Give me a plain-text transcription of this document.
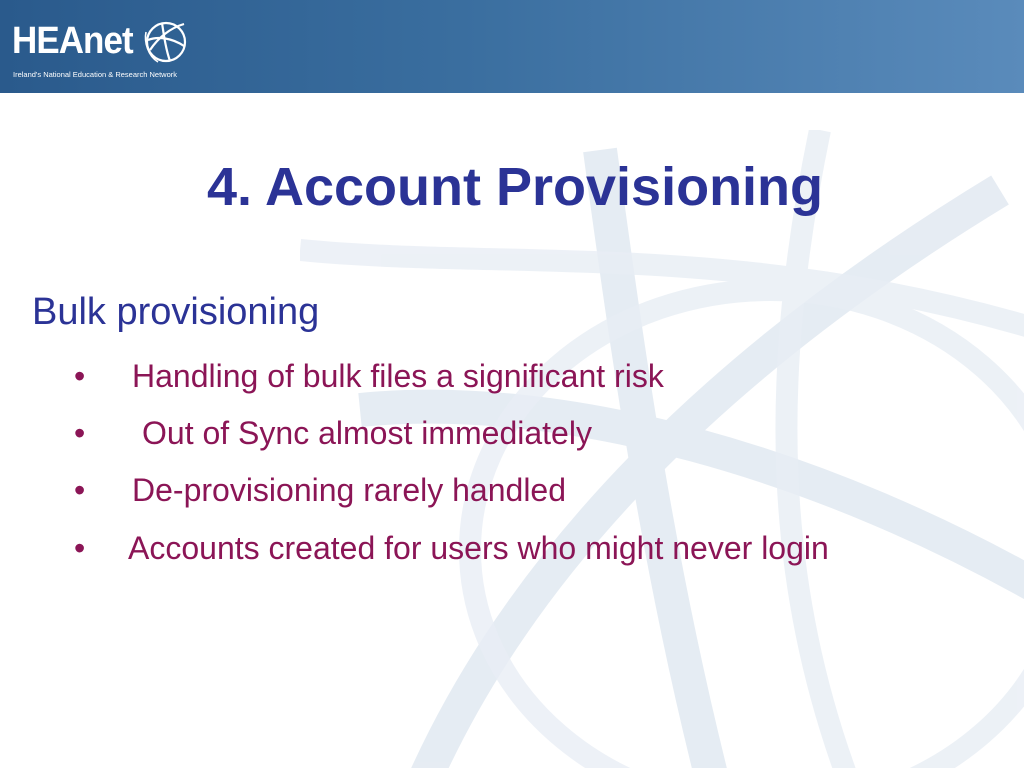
HEAnet
Ireland's National Education & Research Network
4. Account Provisioning
Bulk provisioning
• Handling of bulk files a significant risk
• Out of Sync almost immediately
• De-provisioning rarely handled
• Accounts created for users who might never login
